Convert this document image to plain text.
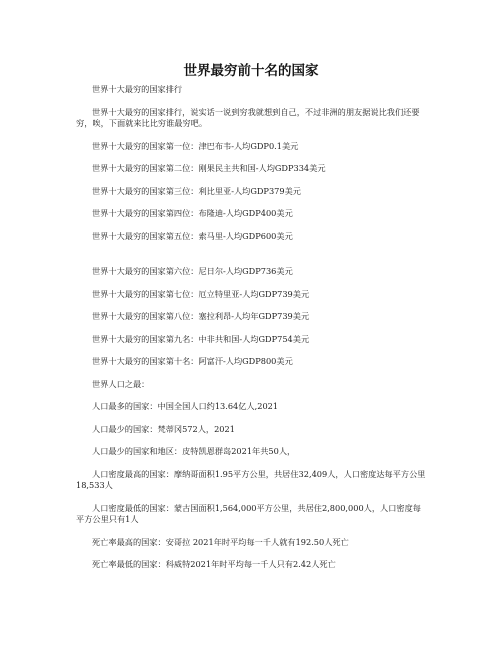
世界最穷前十名的国家

世界十大最穷的国家排行

世界十大最穷的国家排行，说实话一说到穷我就想到自己，不过非洲的朋友据说比我们还要穷，唉，下面就来比比穷谁最穷吧。

世界十大最穷的国家第一位：津巴布韦-人均GDP0.1美元

世界十大最穷的国家第二位：刚果民主共和国-人均GDP334美元

世界十大最穷的国家第三位：利比里亚-人均GDP379美元

世界十大最穷的国家第四位：布隆迪-人均GDP400美元

世界十大最穷的国家第五位：索马里-人均GDP600美元

世界十大最穷的国家第六位：尼日尔-人均GDP736美元

世界十大最穷的国家第七位：厄立特里亚-人均GDP739美元

世界十大最穷的国家第八位：塞拉利昂-人均年GDP739美元

世界十大最穷的国家第九名：中非共和国-人均GDP754美元

世界十大最穷的国家第十名：阿富汗-人均GDP800美元

世界人口之最：

人口最多的国家：中国全国人口约13.64亿人,2021

人口最少的国家：梵蒂冈572人，2021

人口最少的国家和地区：皮特凯恩群岛2021年共50人，

人口密度最高的国家：摩纳哥面积1.95平方公里，共居住32,409人，人口密度达每平方公里18,533人

人口密度最低的国家：蒙古国面积1,564,000平方公里，共居住2,800,000人，人口密度每平方公里只有1人

死亡率最高的国家：安哥拉 2021年时平均每一千人就有192.50人死亡

死亡率最低的国家：科威特2021年时平均每一千人只有2.42人死亡
